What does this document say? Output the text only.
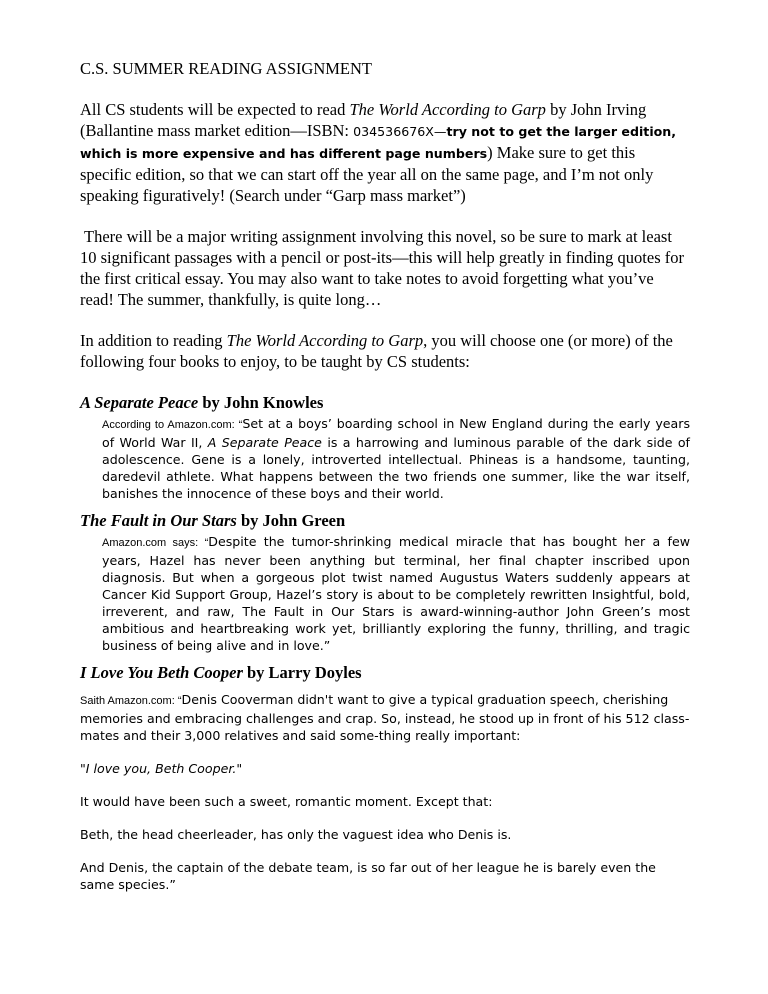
C.S. SUMMER READING ASSIGNMENT

All CS students will be expected to read The World According to Garp by John Irving (Ballantine mass market edition—ISBN: 034536676X—try not to get the larger edition, which is more expensive and has different page numbers) Make sure to get this specific edition, so that we can start off the year all on the same page, and I’m not only speaking figuratively! (Search under “Garp mass market”)

There will be a major writing assignment involving this novel, so be sure to mark at least 10 significant passages with a pencil or post-its—this will help greatly in finding quotes for the first critical essay. You may also want to take notes to avoid forgetting what you’ve read! The summer, thankfully, is quite long…

In addition to reading The World According to Garp, you will choose one (or more) of the following four books to enjoy, to be taught by CS students:

A Separate Peace by John Knowles

According to Amazon.com: “Set at a boys’ boarding school in New England during the early years of World War II, A Separate Peace is a harrowing and luminous parable of the dark side of adolescence. Gene is a lonely, introverted intellectual. Phineas is a handsome, taunting, daredevil athlete. What happens between the two friends one summer, like the war itself, banishes the innocence of these boys and their world.

The Fault in Our Stars by John Green

Amazon.com says: “Despite the tumor-shrinking medical miracle that has bought her a few years, Hazel has never been anything but terminal, her final chapter inscribed upon diagnosis. But when a gorgeous plot twist named Augustus Waters suddenly appears at Cancer Kid Support Group, Hazel’s story is about to be completely rewritten Insightful, bold, irreverent, and raw, The Fault in Our Stars is award-winning-author John Green’s most ambitious and heartbreaking work yet, brilliantly exploring the funny, thrilling, and tragic business of being alive and in love.”

I Love You Beth Cooper by Larry Doyles

Saith Amazon.com: “Denis Cooverman didn't want to give a typical graduation speech, cherishing memories and embracing challenges and crap. So, instead, he stood up in front of his 512 class-mates and their 3,000 relatives and said some-thing really important:

"I love you, Beth Cooper."

It would have been such a sweet, romantic moment. Except that:

Beth, the head cheerleader, has only the vaguest idea who Denis is.

And Denis, the captain of the debate team, is so far out of her league he is barely even the same species.”
